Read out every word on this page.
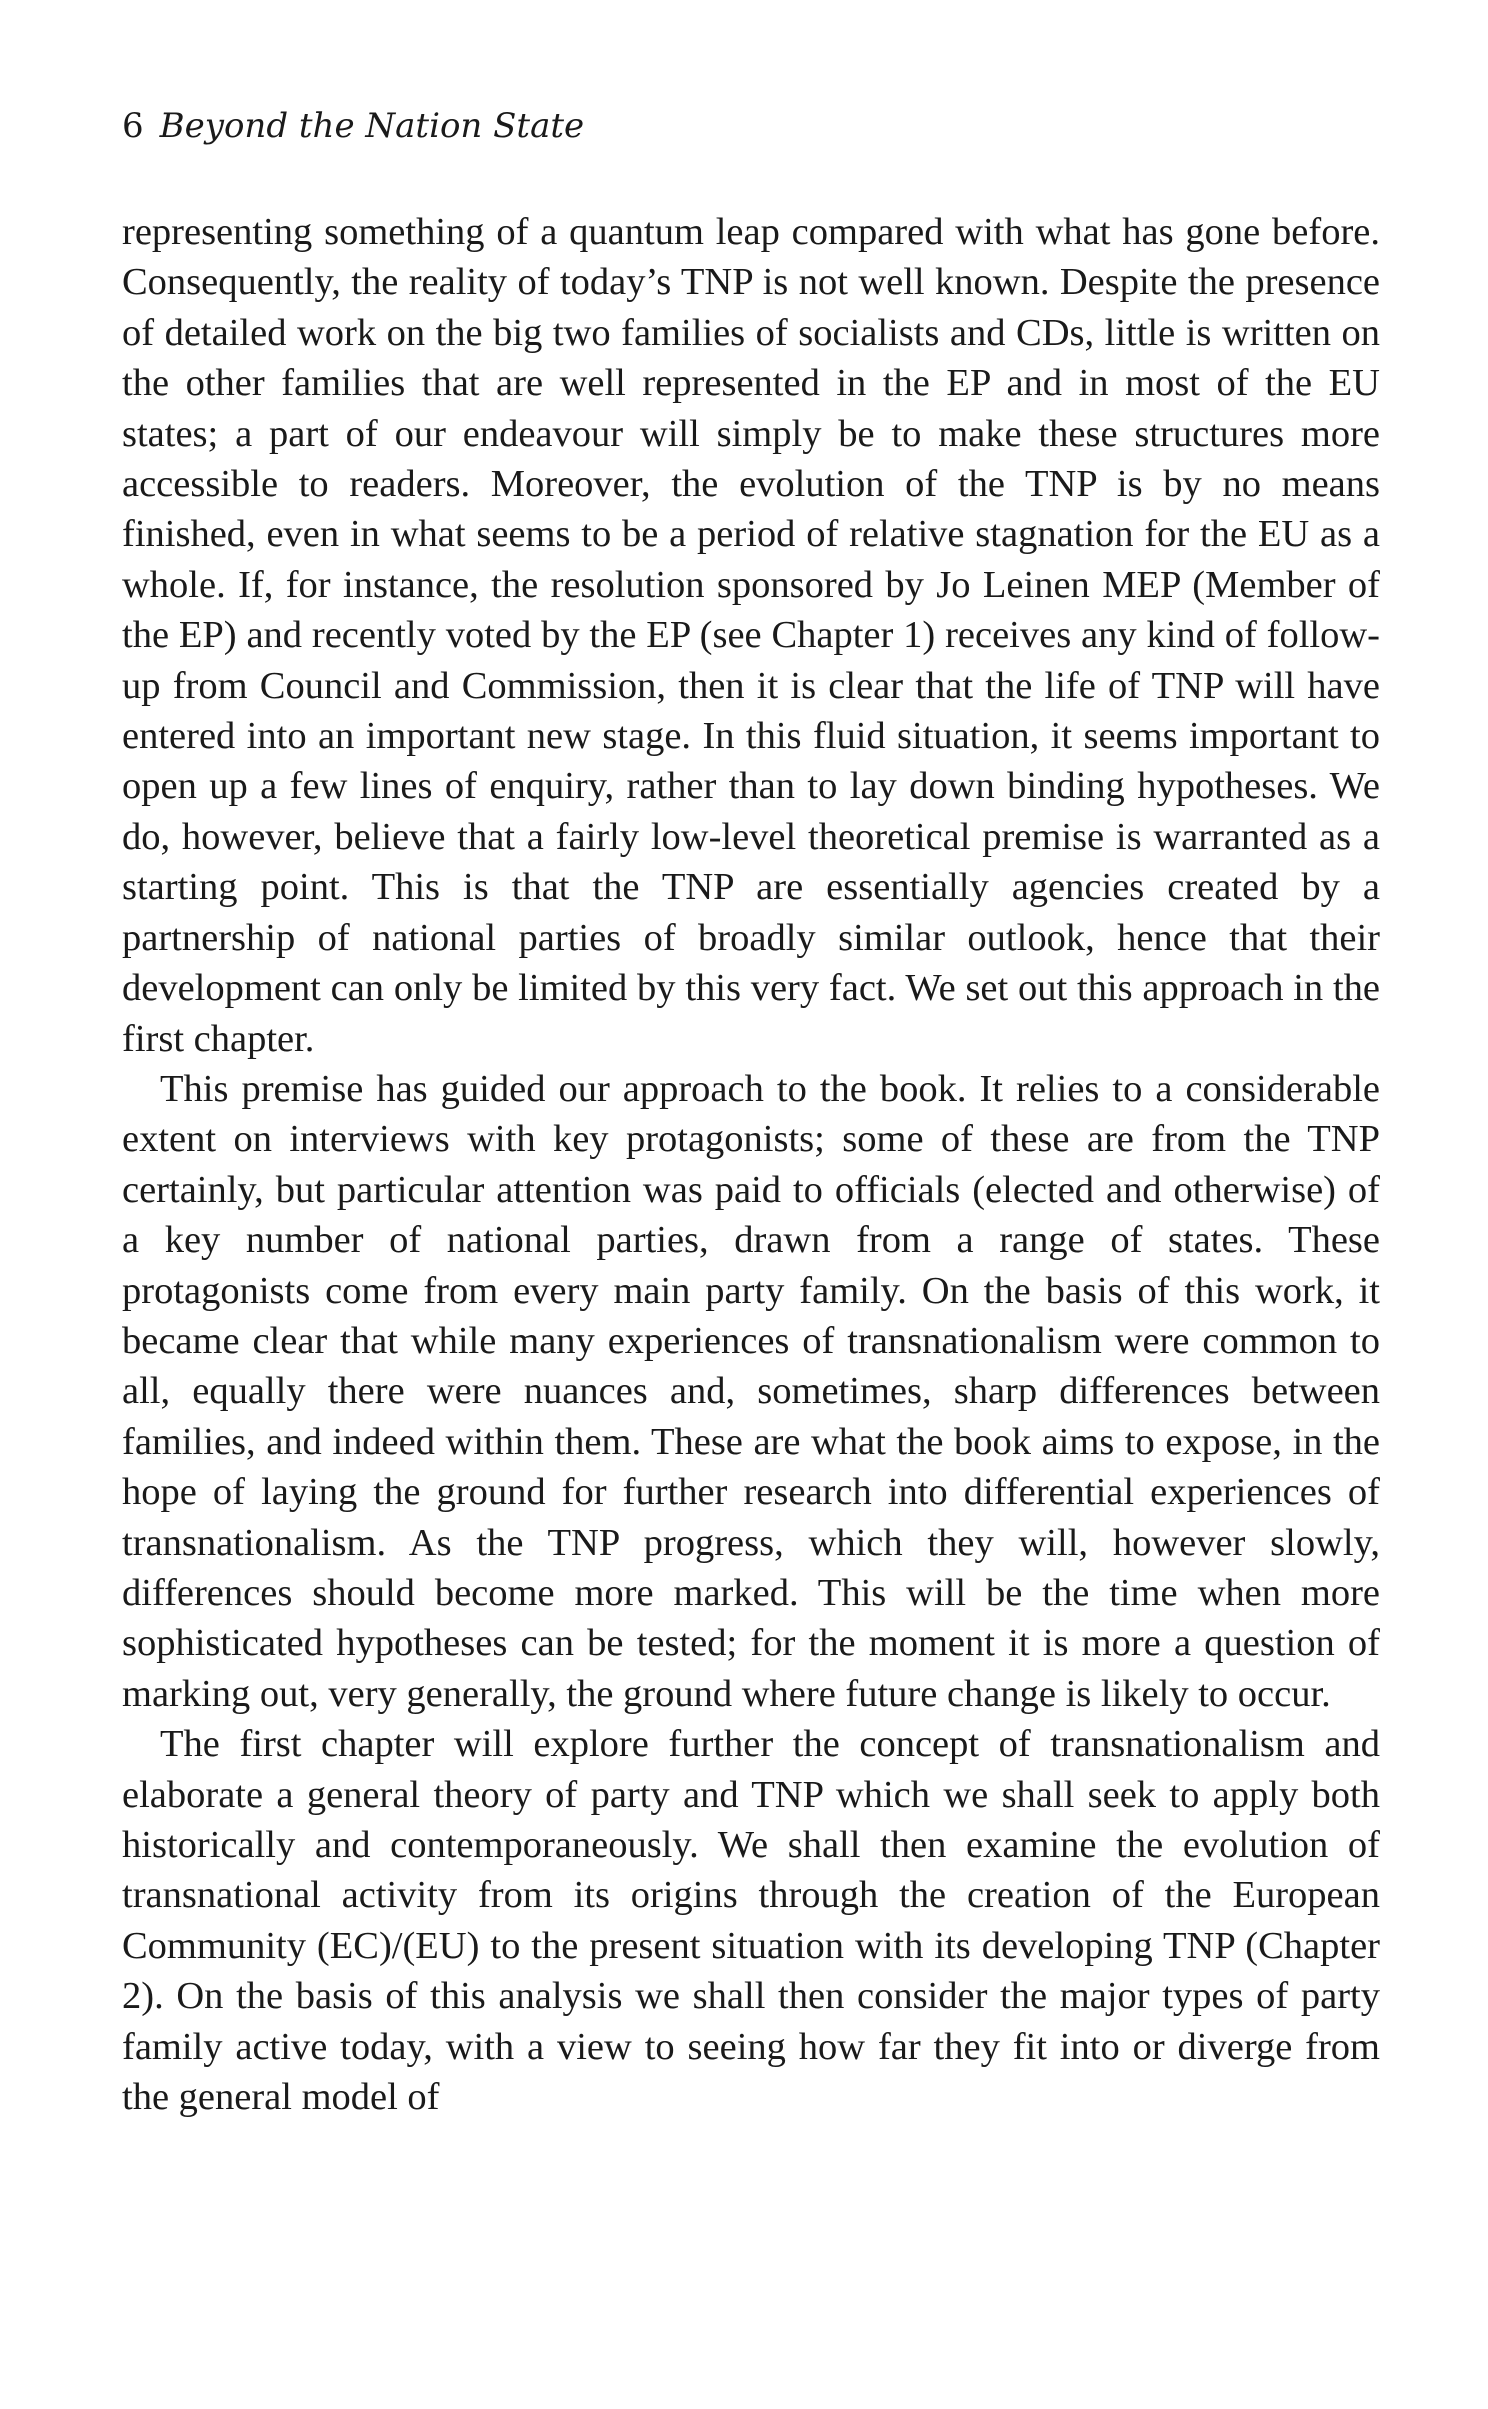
6 Beyond the Nation State

representing something of a quantum leap compared with what has gone before. Consequently, the reality of today’s TNP is not well known. Despite the presence of detailed work on the big two families of socialists and CDs, little is written on the other families that are well represented in the EP and in most of the EU states; a part of our endeavour will simply be to make these structures more accessible to readers. Moreover, the evolution of the TNP is by no means finished, even in what seems to be a period of relative stagnation for the EU as a whole. If, for instance, the resolution sponsored by Jo Leinen MEP (Member of the EP) and recently voted by the EP (see Chapter 1) receives any kind of follow-up from Council and Commission, then it is clear that the life of TNP will have entered into an important new stage. In this fluid situation, it seems important to open up a few lines of enquiry, rather than to lay down binding hypotheses. We do, however, believe that a fairly low-level theoretical premise is warranted as a starting point. This is that the TNP are essentially agencies created by a partnership of national parties of broadly similar outlook, hence that their development can only be limited by this very fact. We set out this approach in the first chapter.

This premise has guided our approach to the book. It relies to a considerable extent on interviews with key protagonists; some of these are from the TNP certainly, but particular attention was paid to officials (elected and otherwise) of a key number of national parties, drawn from a range of states. These protagonists come from every main party family. On the basis of this work, it became clear that while many experiences of transnationalism were common to all, equally there were nuances and, sometimes, sharp differences between families, and indeed within them. These are what the book aims to expose, in the hope of laying the ground for further research into differential experiences of transnationalism. As the TNP progress, which they will, however slowly, differences should become more marked. This will be the time when more sophisticated hypotheses can be tested; for the moment it is more a question of marking out, very generally, the ground where future change is likely to occur.

The first chapter will explore further the concept of transnationalism and elaborate a general theory of party and TNP which we shall seek to apply both historically and contemporaneously. We shall then examine the evolution of transnational activity from its origins through the creation of the European Community (EC)/(EU) to the present situation with its developing TNP (Chapter 2). On the basis of this analysis we shall then consider the major types of party family active today, with a view to seeing how far they fit into or diverge from the general model of
